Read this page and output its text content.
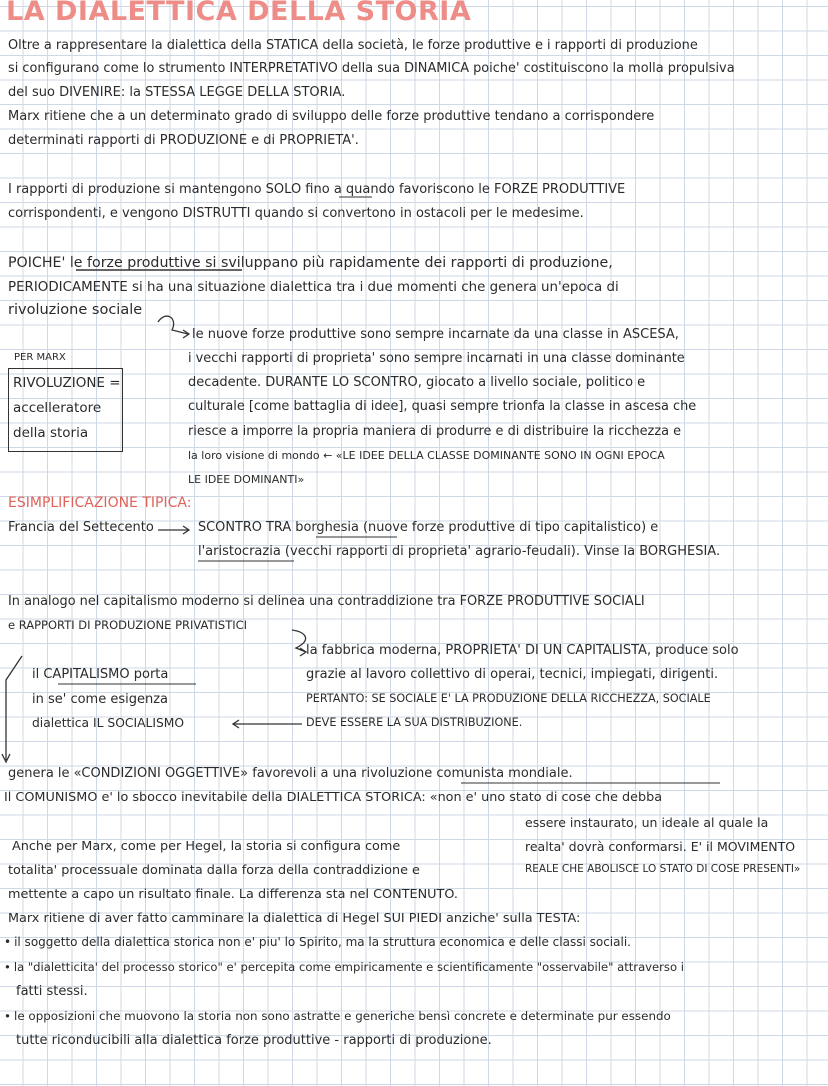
LA DIALETTICA DELLA STORIA
Oltre a rappresentare la dialettica della STATICA della società, le forze produttive e i rapporti di produzione
si configurano come lo strumento INTERPRETATIVO della sua DINAMICA poiche' costituiscono la molla propulsiva
del suo DIVENIRE: la STESSA LEGGE DELLA STORIA.
Marx ritiene che a un determinato grado di sviluppo delle forze produttive tendano a corrispondere
determinati rapporti di PRODUZIONE e di PROPRIETA'.
I rapporti di produzione si mantengono SOLO fino a quando favoriscono le FORZE PRODUTTIVE
corrispondenti, e vengono DISTRUTTI quando si convertono in ostacoli per le medesime.
POICHE' le forze produttive si sviluppano più rapidamente dei rapporti di produzione,
PERIODICAMENTE si ha una situazione dialettica tra i due momenti che genera un'epoca di
rivoluzione sociale
PER MARX
RIVOLUZIONE =
accelleratore
della storia
le nuove forze produttive sono sempre incarnate da una classe in ASCESA,
i vecchi rapporti di proprieta' sono sempre incarnati in una classe dominante
decadente. DURANTE LO SCONTRO, giocato a livello sociale, politico e
culturale [come battaglia di idee], quasi sempre trionfa la classe in ascesa che
riesce a imporre la propria maniera di produrre e di distribuire la ricchezza e
la loro visione di mondo ← «LE IDEE DELLA CLASSE DOMINANTE SONO IN OGNI EPOCA
LE IDEE DOMINANTI»
ESIMPLIFICAZIONE TIPICA:
Francia del Settecento	SCONTRO TRA borghesia (nuove forze produttive di tipo capitalistico) e
l'aristocrazia (vecchi rapporti di proprieta' agrario-feudali). Vinse la BORGHESIA.
In analogo nel capitalismo moderno si delinea una contraddizione tra FORZE PRODUTTIVE SOCIALI
e RAPPORTI DI PRODUZIONE PRIVATISTICI
la fabbrica moderna, PROPRIETA' DI UN CAPITALISTA, produce solo
grazie al lavoro collettivo di operai, tecnici, impiegati, dirigenti.
PERTANTO: SE SOCIALE E' LA PRODUZIONE DELLA RICCHEZZA, SOCIALE
DEVE ESSERE LA SUA DISTRIBUZIONE.
il CAPITALISMO porta
in se' come esigenza
dialettica IL SOCIALISMO
genera le «CONDIZIONI OGGETTIVE» favorevoli a una rivoluzione comunista mondiale.
Il COMUNISMO e' lo sbocco inevitabile della DIALETTICA STORICA: «non e' uno stato di cose che debba
essere instaurato, un ideale al quale la
realta' dovrà conformarsi. E' il MOVIMENTO
REALE CHE ABOLISCE LO STATO DI COSE PRESENTI»
Anche per Marx, come per Hegel, la storia si configura come
totalita' processuale dominata dalla forza della contraddizione e
mettente a capo un risultato finale. La differenza sta nel CONTENUTO.
Marx ritiene di aver fatto camminare la dialettica di Hegel SUI PIEDI anziche' sulla TESTA:
• il soggetto della dialettica storica non e' piu' lo Spirito, ma la struttura economica e delle classi sociali.
• la "dialetticita' del processo storico" e' percepita come empiricamente e scientificamente "osservabile" attraverso i
fatti stessi.
• le opposizioni che muovono la storia non sono astratte e generiche bensì concrete e determinate pur essendo
tutte riconducibili alla dialettica forze produttive - rapporti di produzione.
